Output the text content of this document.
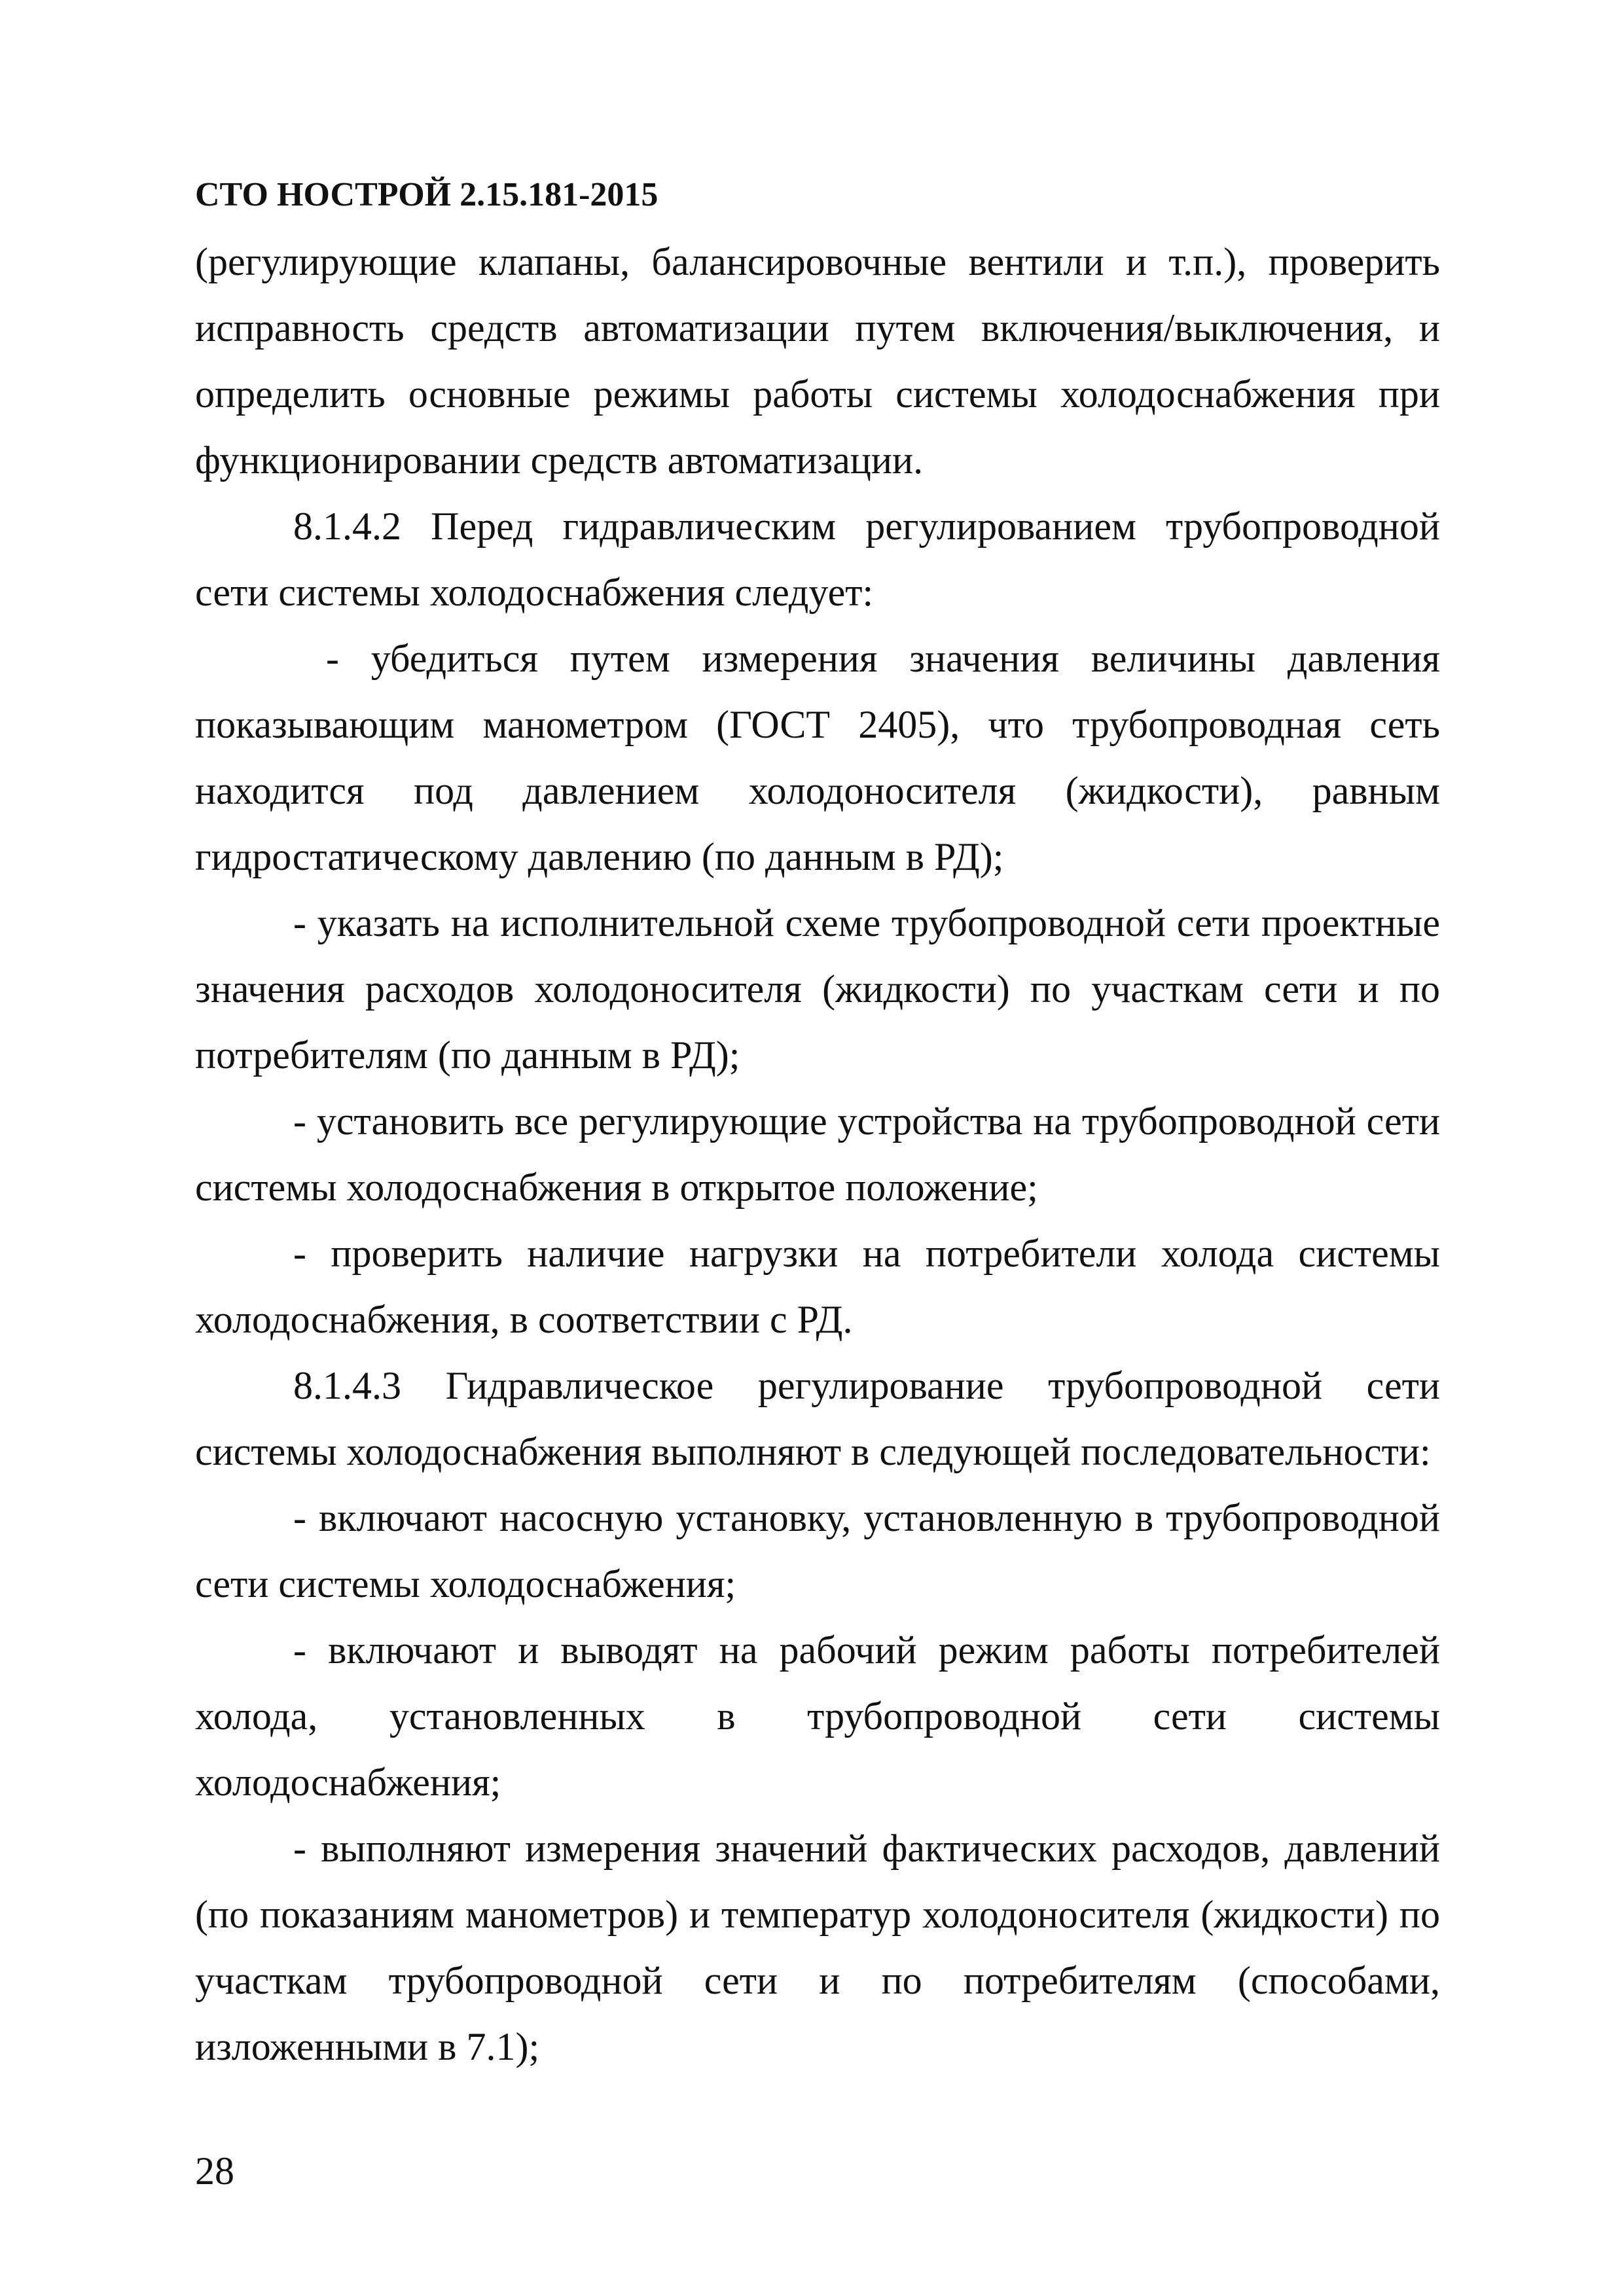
СТО НОСТРОЙ 2.15.181-2015

(регулирующие клапаны, балансировочные вентили и т.п.), проверить исправность средств автоматизации путем включения/выключения, и определить основные режимы работы системы холодоснабжения при функционировании средств автоматизации.

8.1.4.2 Перед гидравлическим регулированием трубопроводной сети системы холодоснабжения следует:

- убедиться путем измерения значения величины давления показывающим манометром (ГОСТ 2405), что трубопроводная сеть находится под давлением холодоносителя (жидкости), равным гидростатическому давлению (по данным в РД);

- указать на исполнительной схеме трубопроводной сети проектные значения расходов холодоносителя (жидкости) по участкам сети и по потребителям (по данным в РД);

- установить все регулирующие устройства на трубопроводной сети системы холодоснабжения в открытое положение;

- проверить наличие нагрузки на потребители холода системы холодоснабжения, в соответствии с РД.

8.1.4.3 Гидравлическое регулирование трубопроводной сети системы холодоснабжения выполняют в следующей последовательности:

- включают насосную установку, установленную в трубопроводной сети системы холодоснабжения;

- включают и выводят на рабочий режим работы потребителей холода, установленных в трубопроводной сети системы холодоснабжения;

- выполняют измерения значений фактических расходов, давлений (по показаниям манометров) и температур холодоносителя (жидкости) по участкам трубопроводной сети и по потребителям (способами, изложенными в 7.1);

28
